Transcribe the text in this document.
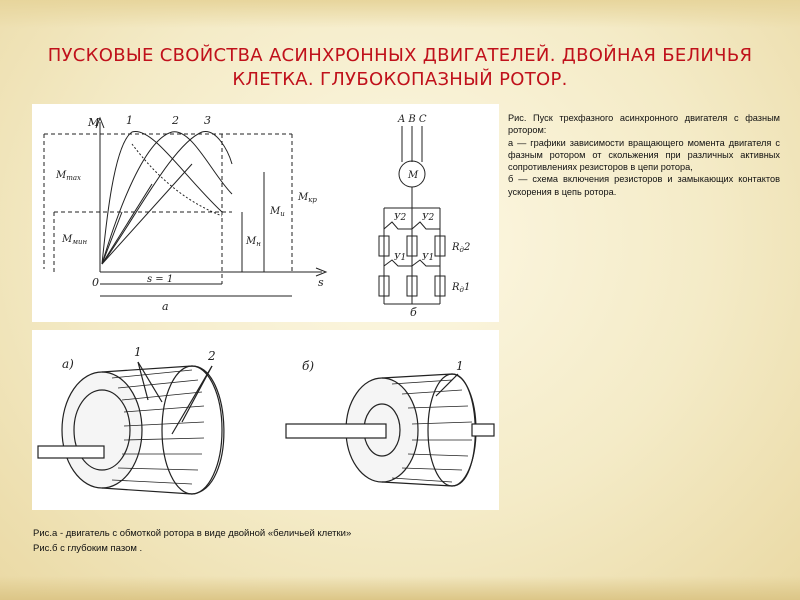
ПУСКОВЫЕ СВОЙСТВА АСИНХРОННЫХ ДВИГАТЕЛЕЙ. ДВОЙНАЯ БЕЛИЧЬЯ КЛЕТКА. ГЛУБОКОПАЗНЫЙ РОТОР.
M 1	2 3
0	s
$M_{max}$
$M_{мин}$	$M_н$
$M_u$
$M_{кр}$
s = 1
а
A B C
M
У2 У2
У1 У1
$R_д2$
$R_д1$
б

Рис. Пуск трехфазного асинхронного двигателя с фазным ротором:

а — графики зависимости вращающего момента двигателя с фазным ротором от скольжения при различных активных сопротивлениях резисторов в цепи ротора,

б — схема включения резисторов и замыкающих контактов ускорения в цепь ротора.

а)	б)
1	2
1
Рис.а - двигатель с обмоткой ротора в виде двойной «беличьей клетки»
Рис.б с глубоким пазом .
